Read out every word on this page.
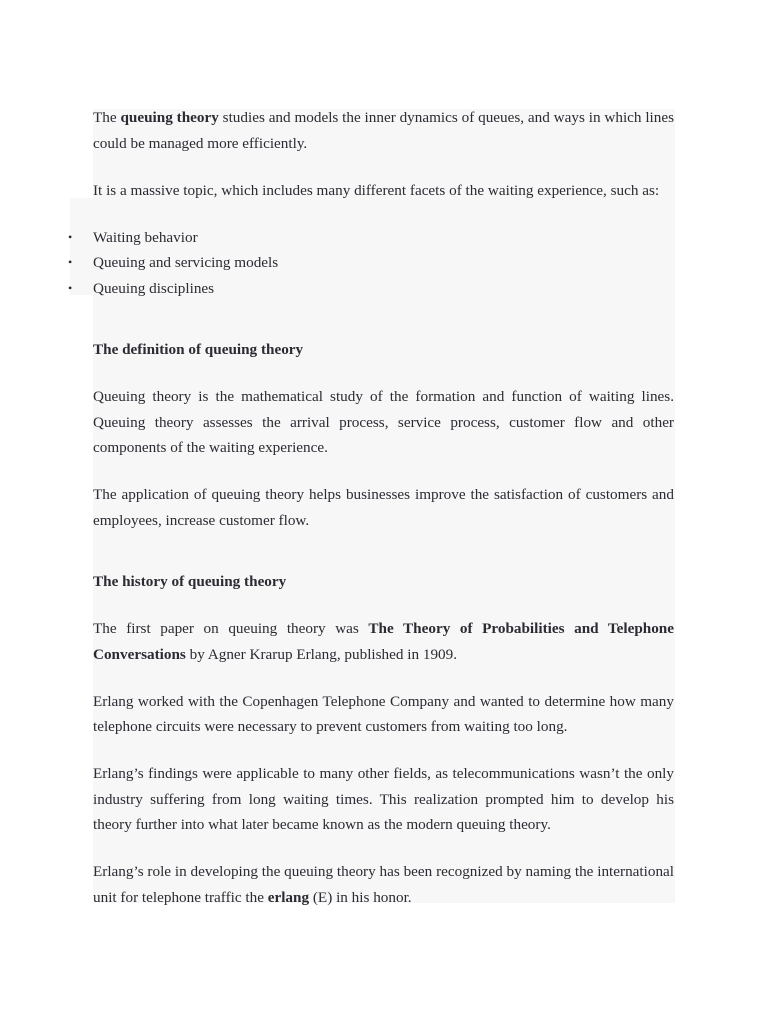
The queuing theory studies and models the inner dynamics of queues, and ways in which lines could be managed more efficiently.

It is a massive topic, which includes many different facets of the waiting experience, such as:

• Waiting behavior
• Queuing and servicing models
• Queuing disciplines
The definition of queuing theory

Queuing theory is the mathematical study of the formation and function of waiting lines. Queuing theory assesses the arrival process, service process, customer flow and other components of the waiting experience.

The application of queuing theory helps businesses improve the satisfaction of customers and employees, increase customer flow.

The history of queuing theory

The first paper on queuing theory was The Theory of Probabilities and Telephone Conversations by Agner Krarup Erlang, published in 1909.

Erlang worked with the Copenhagen Telephone Company and wanted to determine how many telephone circuits were necessary to prevent customers from waiting too long.

Erlang’s findings were applicable to many other fields, as telecommunications wasn’t the only industry suffering from long waiting times. This realization prompted him to develop his theory further into what later became known as the modern queuing theory.

Erlang’s role in developing the queuing theory has been recognized by naming the international unit for telephone traffic the erlang (E) in his honor.
